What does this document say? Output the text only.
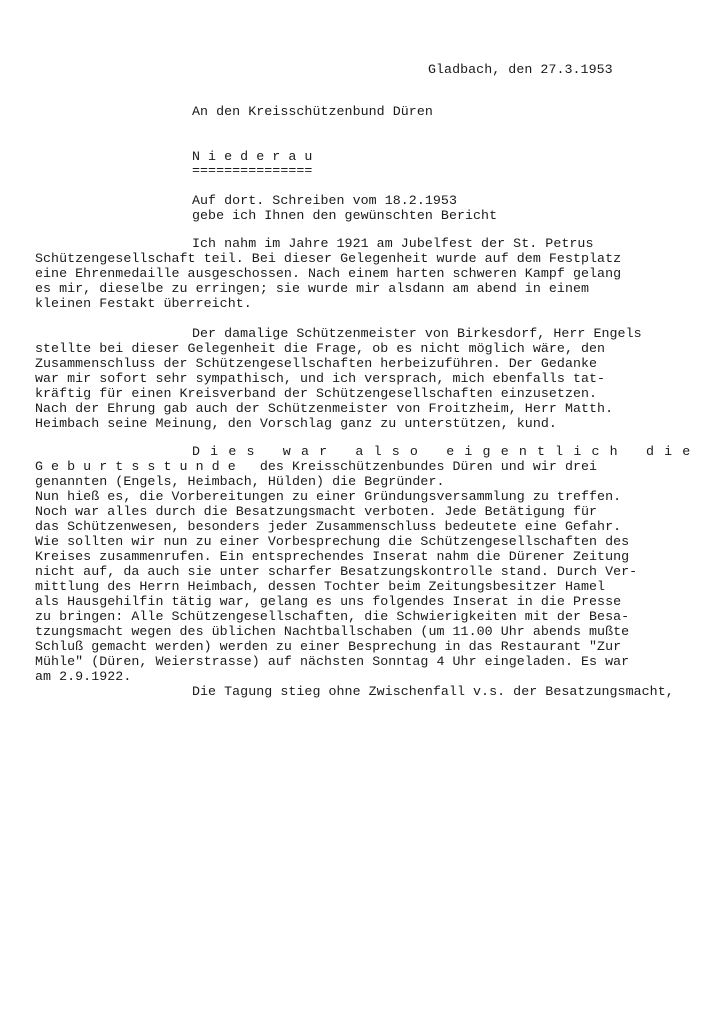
Gladbach, den 27.3.1953
An den Kreisschützenbund Düren
N i e d e r a u
===============
Auf dort. Schreiben vom 18.2.1953
gebe ich Ihnen den gewünschten Bericht
Ich nahm im Jahre 1921 am Jubelfest der St. Petrus
Schützengesellschaft teil. Bei dieser Gelegenheit wurde auf dem Festplatz
eine Ehrenmedaille ausgeschossen. Nach einem harten schweren Kampf gelang
es mir, dieselbe zu erringen; sie wurde mir alsdann am abend in einem
kleinen Festakt überreicht.
Der damalige Schützenmeister von Birkesdorf, Herr Engels
stellte bei dieser Gelegenheit die Frage, ob es nicht möglich wäre, den
Zusammenschluss der Schützengesellschaften herbeizuführen. Der Gedanke
war mir sofort sehr sympathisch, und ich versprach, mich ebenfalls tat-
kräftig für einen Kreisverband der Schützengesellschaften einzusetzen.
Nach der Ehrung gab auch der Schützenmeister von Froitzheim, Herr Matth.
Heimbach seine Meinung, den Vorschlag ganz zu unterstützen, kund.
D i e s   w a r   a l s o   e i g e n t l i c h   d i e
G e b u r t s s t u n d e   des Kreisschützenbundes Düren und wir drei
genannten (Engels, Heimbach, Hülden) die Begründer.
Nun hieß es, die Vorbereitungen zu einer Gründungsversammlung zu treffen.
Noch war alles durch die Besatzungsmacht verboten. Jede Betätigung für
das Schützenwesen, besonders jeder Zusammenschluss bedeutete eine Gefahr.
Wie sollten wir nun zu einer Vorbesprechung die Schützengesellschaften des
Kreises zusammenrufen. Ein entsprechendes Inserat nahm die Dürener Zeitung
nicht auf, da auch sie unter scharfer Besatzungskontrolle stand. Durch Ver-
mittlung des Herrn Heimbach, dessen Tochter beim Zeitungsbesitzer Hamel
als Hausgehilfin tätig war, gelang es uns folgendes Inserat in die Presse
zu bringen: Alle Schützengesellschaften, die Schwierigkeiten mit der Besa-
tzungsmacht wegen des üblichen Nachtballschaben (um 11.00 Uhr abends mußte
Schluß gemacht werden) werden zu einer Besprechung in das Restaurant "Zur
Mühle" (Düren, Weierstrasse) auf nächsten Sonntag 4 Uhr eingeladen. Es war
am 2.9.1922.
Die Tagung stieg ohne Zwischenfall v.s. der Besatzungsmacht,
